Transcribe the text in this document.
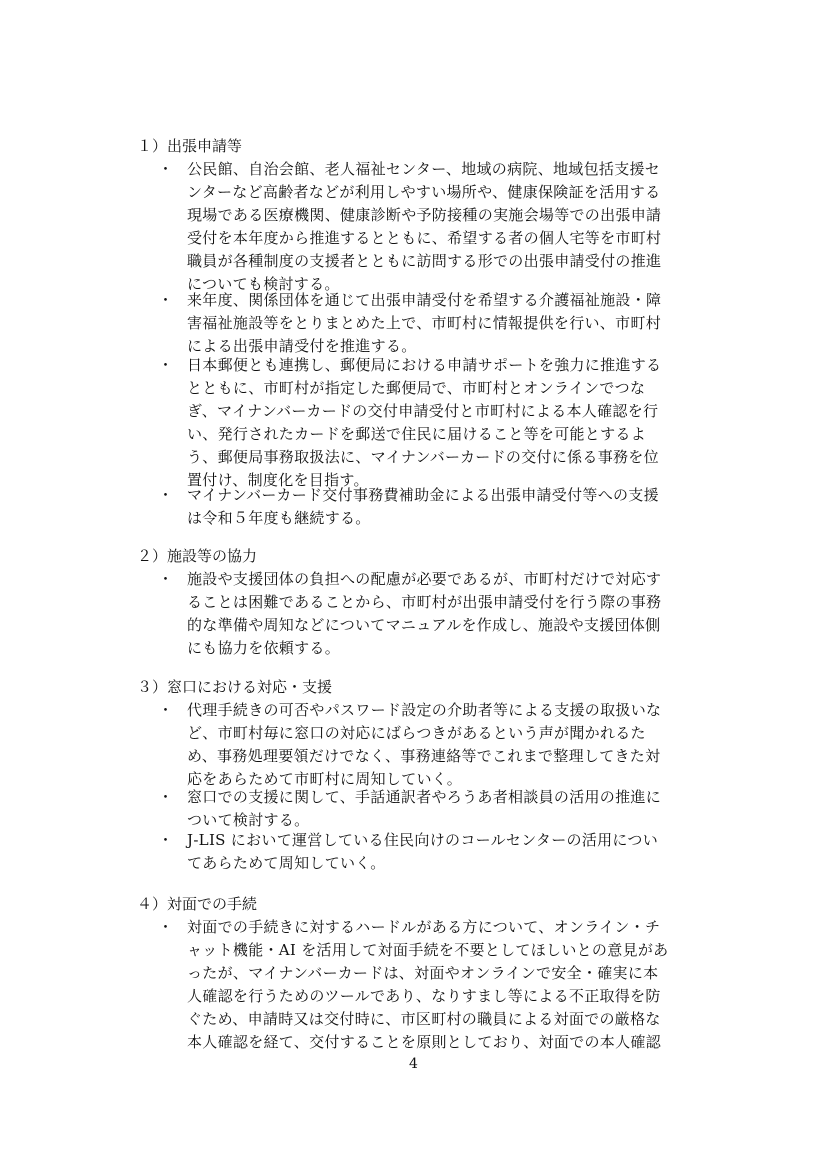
１）出張申請等
・ 公民館、自治会館、老人福祉センター、地域の病院、地域包括支援セ
ンターなど高齢者などが利用しやすい場所や、健康保険証を活用する
現場である医療機関、健康診断や予防接種の実施会場等での出張申請
受付を本年度から推進するとともに、希望する者の個人宅等を市町村
職員が各種制度の支援者とともに訪問する形での出張申請受付の推進
についても検討する。
・ 来年度、関係団体を通じて出張申請受付を希望する介護福祉施設・障
害福祉施設等をとりまとめた上で、市町村に情報提供を行い、市町村
による出張申請受付を推進する。
・ 日本郵便とも連携し、郵便局における申請サポートを強力に推進する
とともに、市町村が指定した郵便局で、市町村とオンラインでつな
ぎ、マイナンバーカードの交付申請受付と市町村による本人確認を行
い、発行されたカードを郵送で住民に届けること等を可能とするよ
う、郵便局事務取扱法に、マイナンバーカードの交付に係る事務を位
置付け、制度化を目指す。
・ マイナンバーカード交付事務費補助金による出張申請受付等への支援
は令和５年度も継続する。
２）施設等の協力
・ 施設や支援団体の負担への配慮が必要であるが、市町村だけで対応す
ることは困難であることから、市町村が出張申請受付を行う際の事務
的な準備や周知などについてマニュアルを作成し、施設や支援団体側
にも協力を依頼する。
３）窓口における対応・支援
・ 代理手続きの可否やパスワード設定の介助者等による支援の取扱いな
ど、市町村毎に窓口の対応にばらつきがあるという声が聞かれるた
め、事務処理要領だけでなく、事務連絡等でこれまで整理してきた対
応をあらためて市町村に周知していく。
・ 窓口での支援に関して、手話通訳者やろうあ者相談員の活用の推進に
ついて検討する。
・ J-LIS において運営している住民向けのコールセンターの活用につい
てあらためて周知していく。
４）対面での手続
・ 対面での手続きに対するハードルがある方について、オンライン・チ
ャット機能・AI を活用して対面手続を不要としてほしいとの意見があ
ったが、マイナンバーカードは、対面やオンラインで安全・確実に本
人確認を行うためのツールであり、なりすまし等による不正取得を防
ぐため、申請時又は交付時に、市区町村の職員による対面での厳格な
本人確認を経て、交付することを原則としており、対面での本人確認
4
